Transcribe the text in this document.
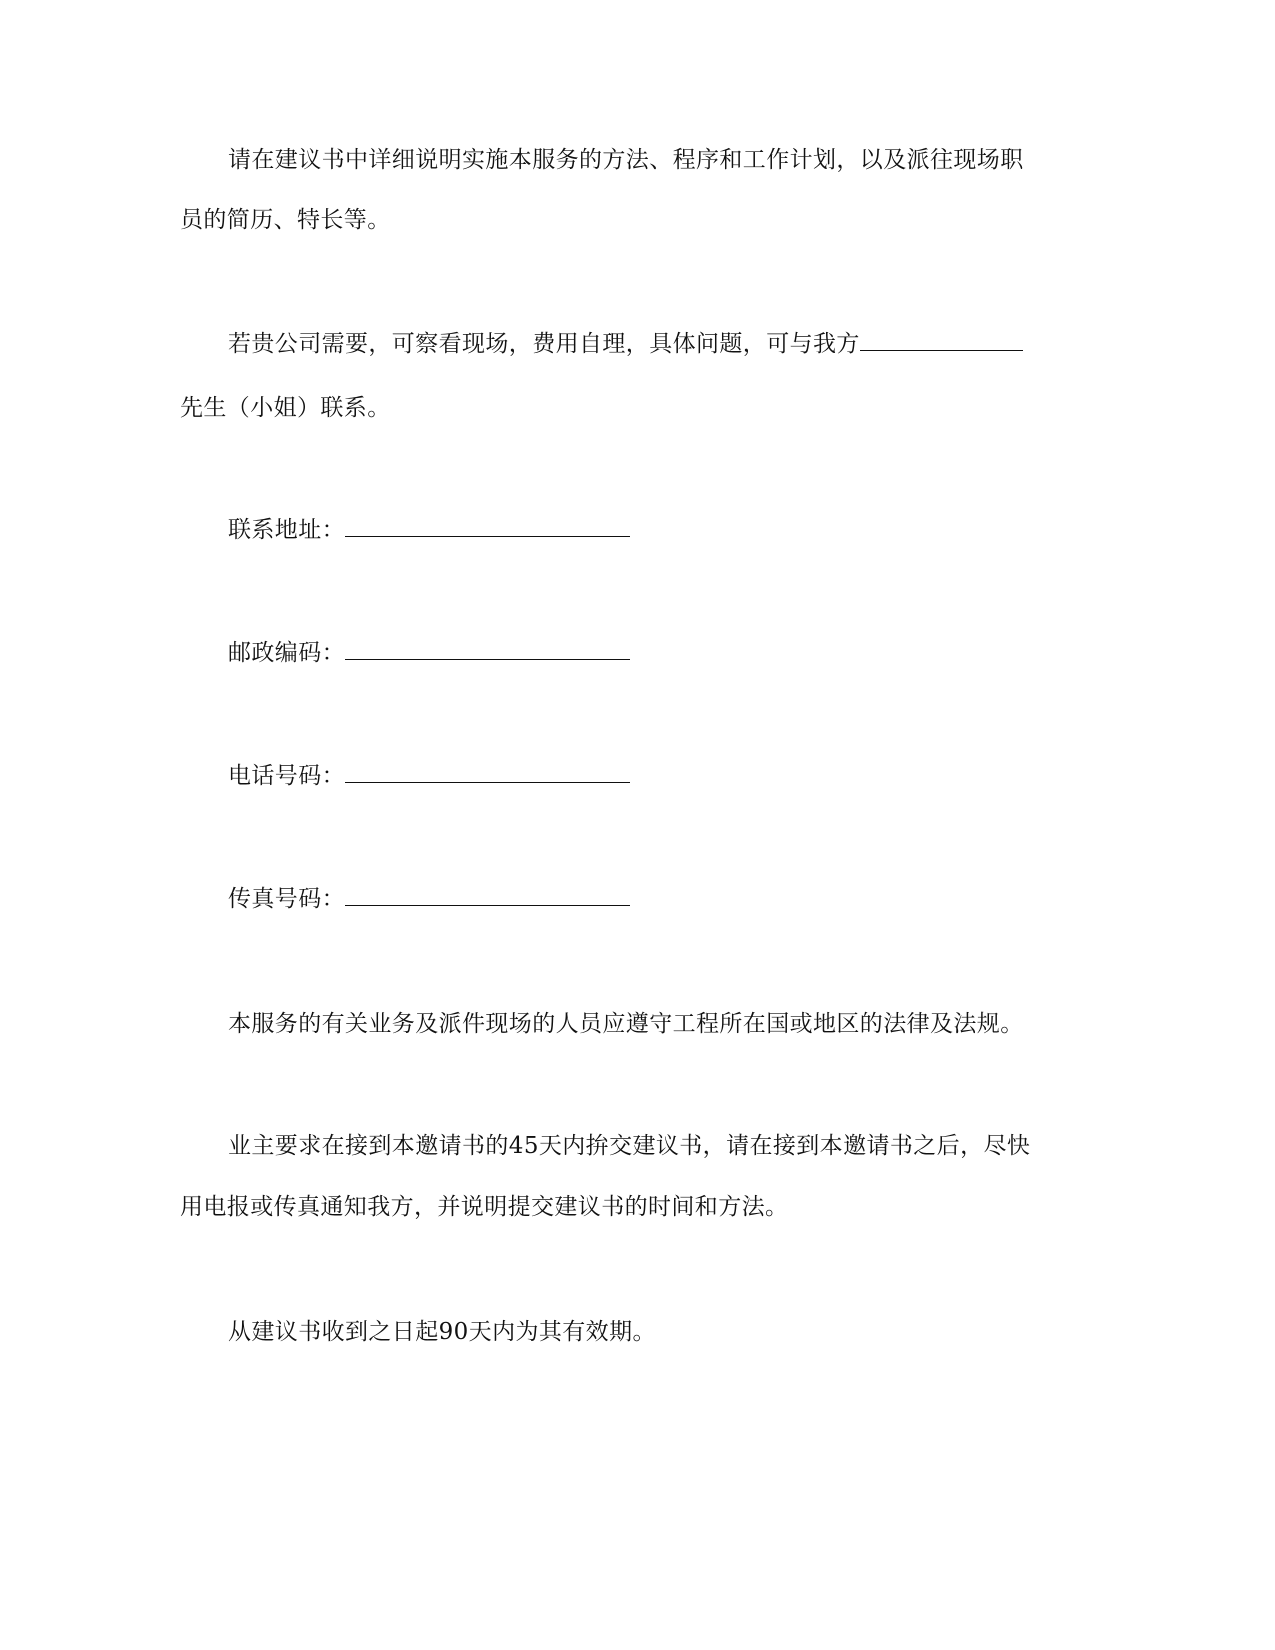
请在建议书中详细说明实施本服务的方法、程序和工作计划，以及派往现场职
员的简历、特长等。
若贵公司需要，可察看现场，费用自理，具体问题，可与我方
先生（小姐）联系。
联系地址：
邮政编码：
电话号码：
传真号码：
本服务的有关业务及派件现场的人员应遵守工程所在国或地区的法律及法规。
业主要求在接到本邀请书的45天内拚交建议书，请在接到本邀请书之后，尽快
用电报或传真通知我方，并说明提交建议书的时间和方法。
从建议书收到之日起90天内为其有效期。
